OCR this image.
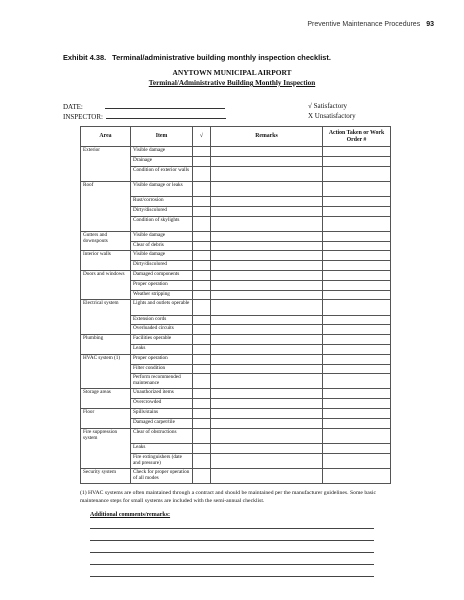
Preventive Maintenance Procedures 93
Exhibit 4.38. Terminal/administrative building monthly inspection checklist.
ANYTOWN MUNICIPAL AIRPORT
Terminal/Administrative Building Monthly Inspection
DATE:
INSPECTOR:
√ Satisfactory
X Unsatisfactory
Area	Item	√	Remarks	Action Taken or Work Order #
Exterior	Visible damage			
	Drainage			
	Condition of exterior walls			
Roof	Visible damage or leaks			
	Rust/corrosion			
	Dirty/discolored			
	Condition of skylights			
Gutters and downspouts	Visible damage			
	Clear of debris			
Interior walls	Visible damage			
	Dirty/discolored			
Doors and windows	Damaged components			
	Proper operation			
	Weather stripping			
Electrical system	Lights and outlets operable			
	Extension cords			
	Overloaded circuits			
Plumbing	Facilities operable			
	Leaks			
HVAC system (1)	Proper operation			
	Filter condition			
	Perform recommended maintenance			
Storage areas	Unauthorized items			
	Overcrowded			
Floor	Spills/stains			
	Damaged carpet/tile			
Fire suppression system	Clear of obstructions			
	Leaks			
	Fire extinguishers (date and pressure)			
Security system	Check for proper operation of all modes			
(1) HVAC systems are often maintained through a contract and should be maintained per the manufacturer guidelines. Some basic maintenance steps for small systems are included with the semi-annual checklist.
Additional comments/remarks:
